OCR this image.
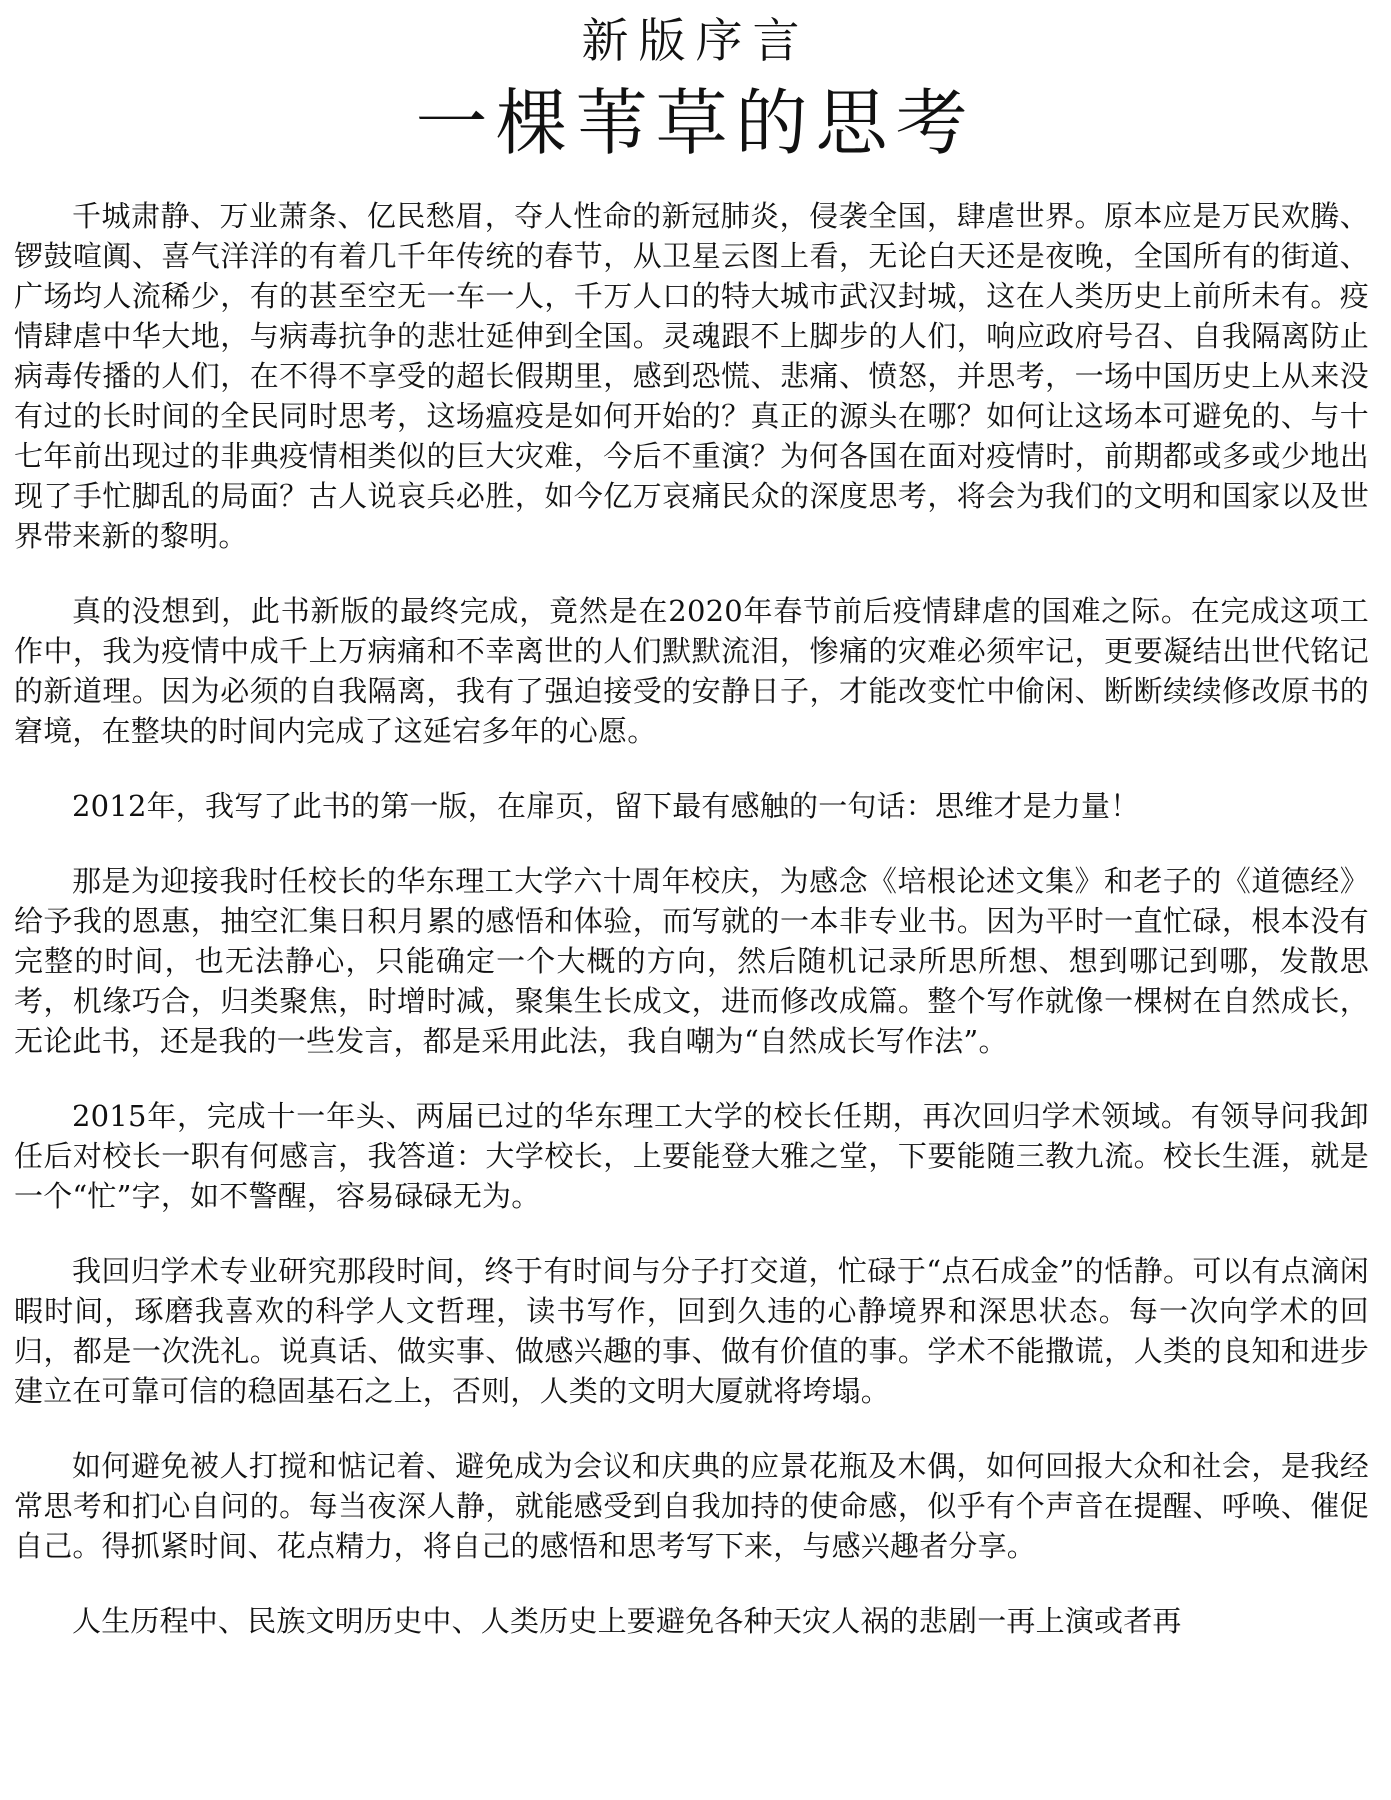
新版序言
一棵苇草的思考

千城肃静、万业萧条、亿民愁眉，夺人性命的新冠肺炎，侵袭全国，肆虐世界。原本应是万民欢腾、锣鼓喧阗、喜气洋洋的有着几千年传统的春节，从卫星云图上看，无论白天还是夜晚，全国所有的街道、广场均人流稀少，有的甚至空无一车一人，千万人口的特大城市武汉封城，这在人类历史上前所未有。疫情肆虐中华大地，与病毒抗争的悲壮延伸到全国。灵魂跟不上脚步的人们，响应政府号召、自我隔离防止病毒传播的人们，在不得不享受的超长假期里，感到恐慌、悲痛、愤怒，并思考，一场中国历史上从来没有过的长时间的全民同时思考，这场瘟疫是如何开始的？真正的源头在哪？如何让这场本可避免的、与十七年前出现过的非典疫情相类似的巨大灾难，今后不重演？为何各国在面对疫情时，前期都或多或少地出现了手忙脚乱的局面？古人说哀兵必胜，如今亿万哀痛民众的深度思考，将会为我们的文明和国家以及世界带来新的黎明。

真的没想到，此书新版的最终完成，竟然是在2020年春节前后疫情肆虐的国难之际。在完成这项工作中，我为疫情中成千上万病痛和不幸离世的人们默默流泪，惨痛的灾难必须牢记，更要凝结出世代铭记的新道理。因为必须的自我隔离，我有了强迫接受的安静日子，才能改变忙中偷闲、断断续续修改原书的窘境，在整块的时间内完成了这延宕多年的心愿。

2012年，我写了此书的第一版，在扉页，留下最有感触的一句话：思维才是力量！

那是为迎接我时任校长的华东理工大学六十周年校庆，为感念《培根论述文集》和老子的《道德经》给予我的恩惠，抽空汇集日积月累的感悟和体验，而写就的一本非专业书。因为平时一直忙碌，根本没有完整的时间，也无法静心，只能确定一个大概的方向，然后随机记录所思所想、想到哪记到哪，发散思考，机缘巧合，归类聚焦，时增时减，聚集生长成文，进而修改成篇。整个写作就像一棵树在自然成长，无论此书，还是我的一些发言，都是采用此法，我自嘲为“自然成长写作法”。

2015年，完成十一年头、两届已过的华东理工大学的校长任期，再次回归学术领域。有领导问我卸任后对校长一职有何感言，我答道：大学校长，上要能登大雅之堂，下要能随三教九流。校长生涯，就是一个“忙”字，如不警醒，容易碌碌无为。

我回归学术专业研究那段时间，终于有时间与分子打交道，忙碌于“点石成金”的恬静。可以有点滴闲暇时间，琢磨我喜欢的科学人文哲理，读书写作，回到久违的心静境界和深思状态。每一次向学术的回归，都是一次洗礼。说真话、做实事、做感兴趣的事、做有价值的事。学术不能撒谎，人类的良知和进步建立在可靠可信的稳固基石之上，否则，人类的文明大厦就将垮塌。

如何避免被人打搅和惦记着、避免成为会议和庆典的应景花瓶及木偶，如何回报大众和社会，是我经常思考和扪心自问的。每当夜深人静，就能感受到自我加持的使命感，似乎有个声音在提醒、呼唤、催促自己。得抓紧时间、花点精力，将自己的感悟和思考写下来，与感兴趣者分享。

人生历程中、民族文明历史中、人类历史上要避免各种天灾人祸的悲剧一再上演或者再
